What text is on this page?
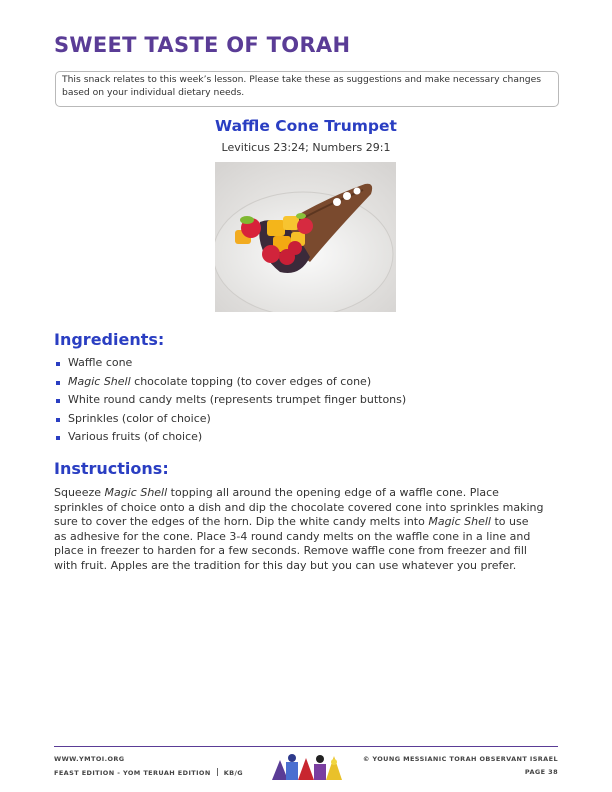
SWEET TASTE OF TORAH
This snack relates to this week’s lesson. Please take these as suggestions and make necessary changes based on your individual dietary needs.
Waffle Cone Trumpet
Leviticus 23:24; Numbers 29:1
Ingredients:
Waffle cone
Magic Shell chocolate topping (to cover edges of cone)
White round candy melts (represents trumpet finger buttons)
Sprinkles (color of choice)
Various fruits (of choice)
Instructions:

Squeeze Magic Shell topping all around the opening edge of a waffle cone. Place sprinkles of choice onto a dish and dip the chocolate covered cone into sprinkles making sure to cover the edges of the horn. Dip the white candy melts into Magic Shell to use as adhesive for the cone. Place 3-4 round candy melts on the waffle cone in a line and place in freezer to harden for a few seconds. Remove waffle cone from freezer and fill with fruit. Apples are the tradition for this day but you can use whatever you prefer.

WWW.YMTOI.ORG
FEAST EDITION - YOM TERUAH EDITION KB/G
© YOUNG MESSIANIC TORAH OBSERVANT ISRAEL
PAGE 38
